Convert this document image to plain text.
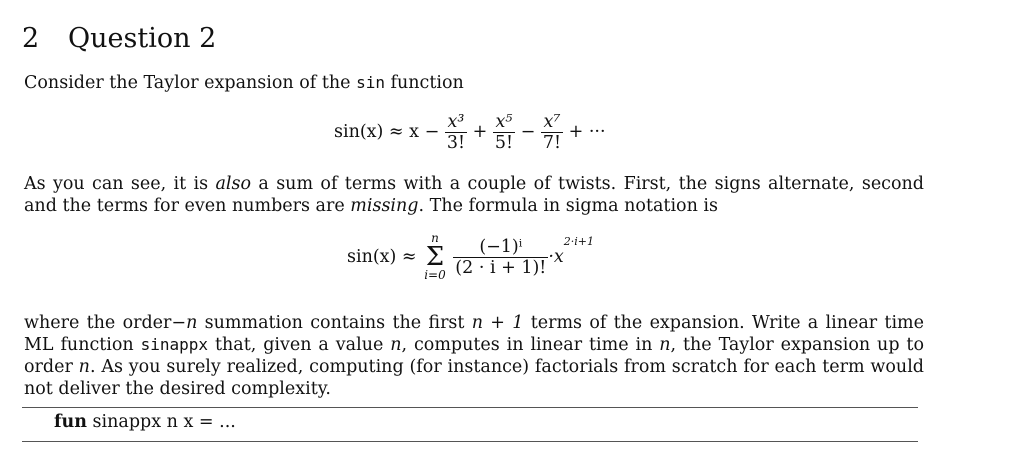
2 Question 2
Consider the Taylor expansion of the sin function
$\sin(x) \approx x - \frac{\text{x³}}{3!} + \frac{\text{x⁵}}{5!} - \frac{\text{x⁷}}{7!}$ + ···
As you can see, it is also a sum of terms with a couple of twists. First, the signs alternate, second and the terms for even numbers are missing. The formula in sigma notation is
sin(x) ≈
n
Σ
i=0
$\frac{\text{(−1)ⁱ}}{(2 \cdot i + 1)!} \cdot x^{2\cdot i+1}$
where the order−n summation contains the first n + 1 terms of the expansion. Write a linear time ML function sinappx that, given a value n, computes in linear time in n, the Taylor expansion up to order n. As you surely realized, computing (for instance) factorials from scratch for each term would not deliver the desired complexity.
fun sinappx n x = ...
